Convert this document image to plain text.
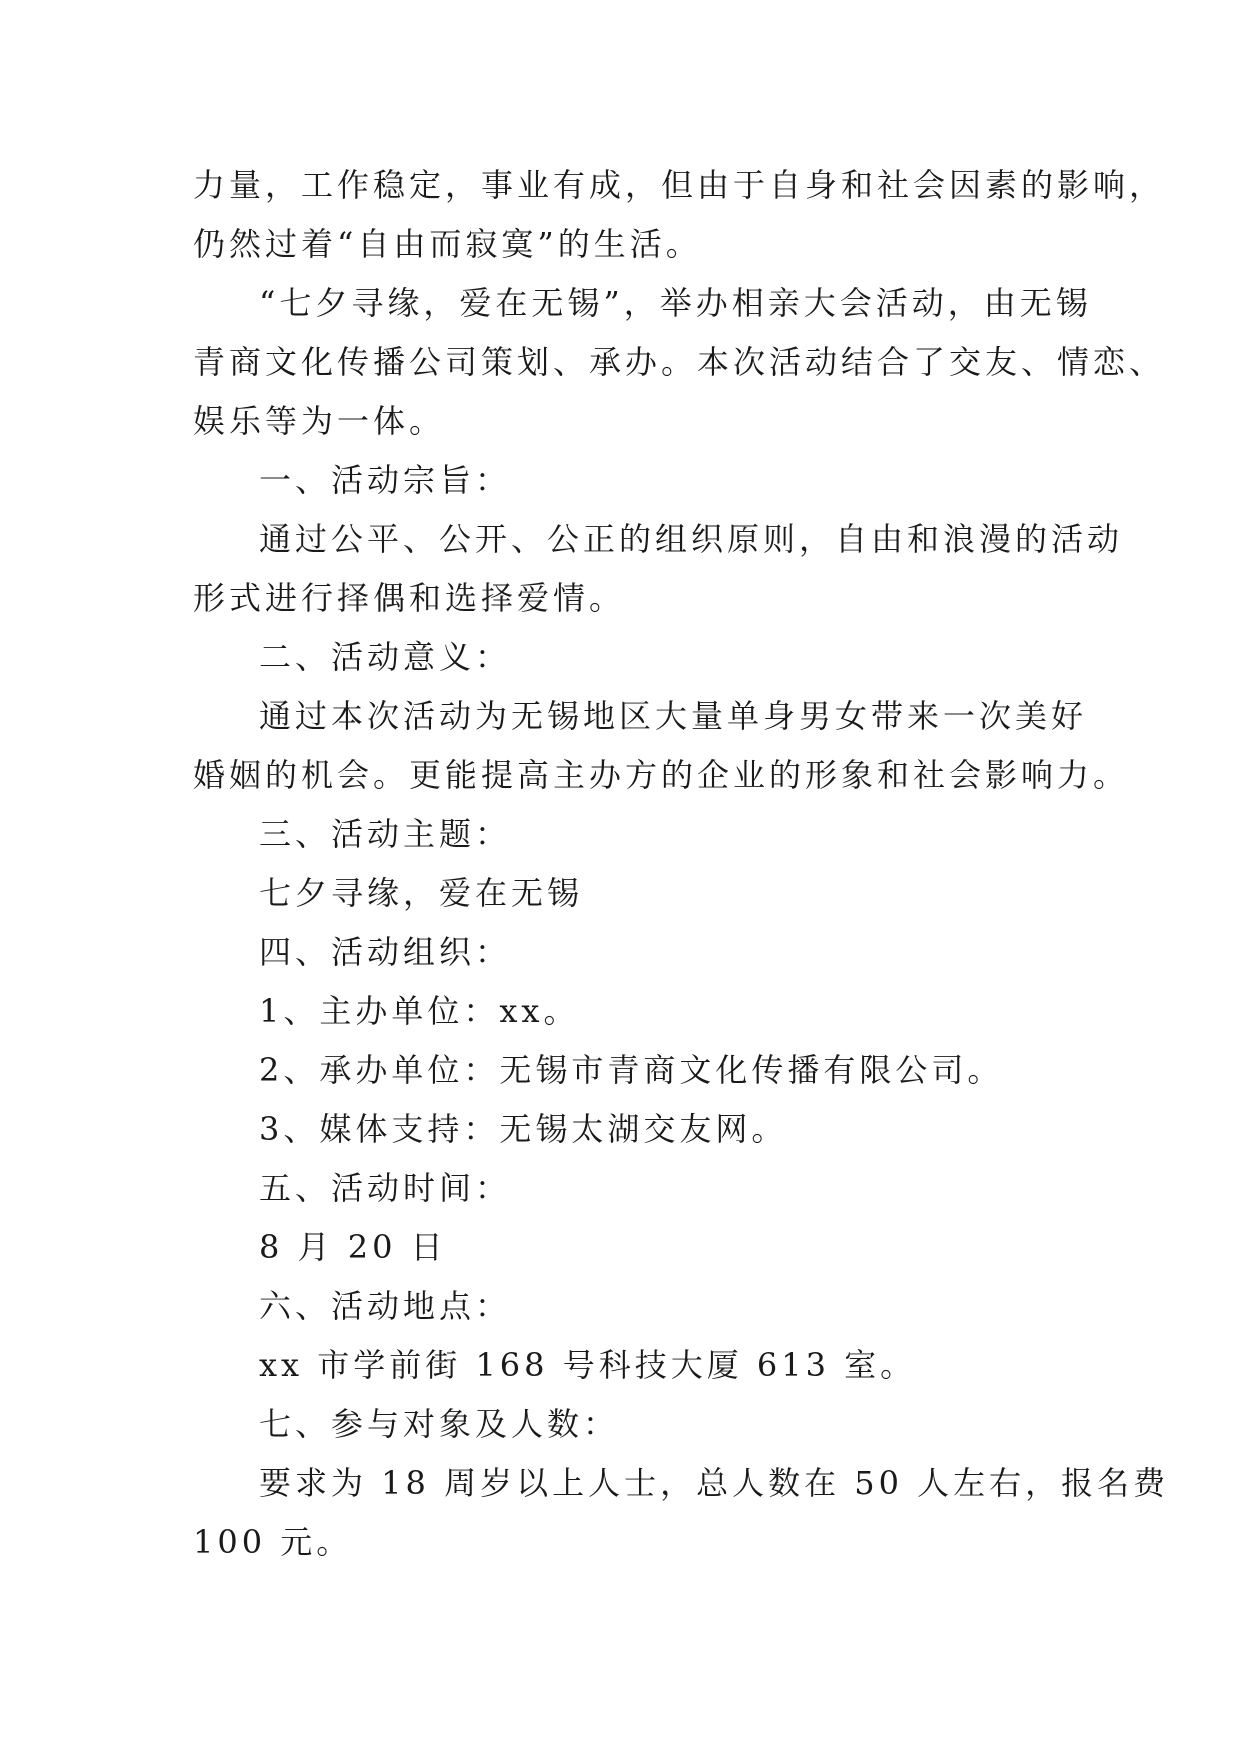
力量，工作稳定，事业有成，但由于自身和社会因素的影响，
仍然过着“自由而寂寞”的生活。
“七夕寻缘，爱在无锡”，举办相亲大会活动，由无锡
青商文化传播公司策划、承办。本次活动结合了交友、情恋、
娱乐等为一体。
一、活动宗旨：
通过公平、公开、公正的组织原则，自由和浪漫的活动
形式进行择偶和选择爱情。
二、活动意义：
通过本次活动为无锡地区大量单身男女带来一次美好
婚姻的机会。更能提高主办方的企业的形象和社会影响力。
三、活动主题：
七夕寻缘，爱在无锡
四、活动组织：
1、主办单位：xx。
2、承办单位：无锡市青商文化传播有限公司。
3、媒体支持：无锡太湖交友网。
五、活动时间：
8 月 20 日
六、活动地点：
xx 市学前街 168 号科技大厦 613 室。
七、参与对象及人数：
要求为 18 周岁以上人士，总人数在 50 人左右，报名费
100 元。
